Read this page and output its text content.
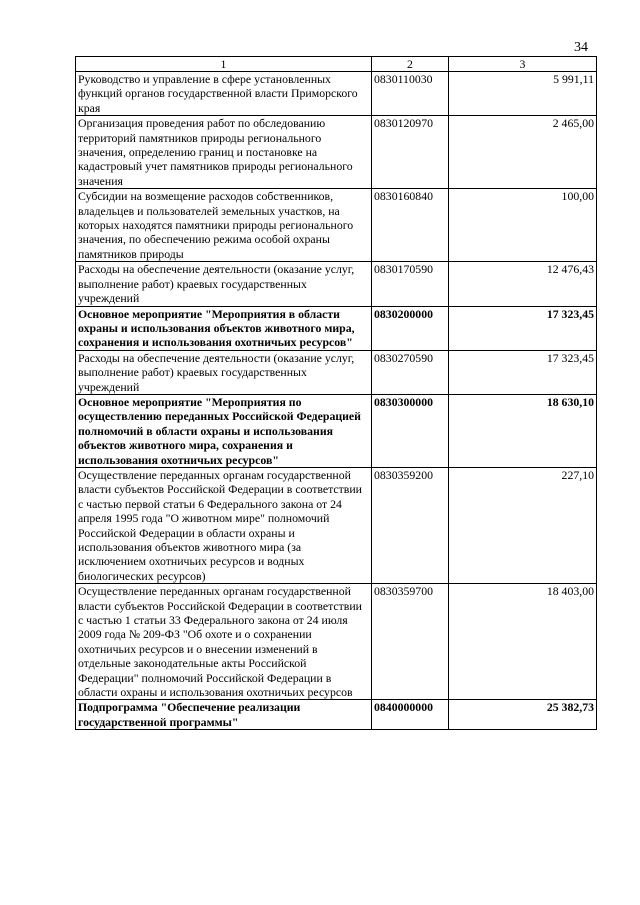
34
1	2	3
Руководство и управление в сфере установленных функций органов государственной власти Приморского края	0830110030	5 991,11
Организация проведения работ по обследованию территорий памятников природы регионального значения, определению границ и постановке на кадастровый учет памятников природы регионального значения	0830120970	2 465,00
Субсидии на возмещение расходов собственников, владельцев и пользователей земельных участков, на которых находятся памятники природы регионального значения, по обеспечению режима особой охраны памятников природы	0830160840	100,00
Расходы на обеспечение деятельности (оказание услуг, выполнение работ) краевых государственных учреждений	0830170590	12 476,43
Основное мероприятие "Мероприятия в области охраны и использования объектов животного мира, сохранения и использования охотничьих ресурсов"	0830200000	17 323,45
Расходы на обеспечение деятельности (оказание услуг, выполнение работ) краевых государственных учреждений	0830270590	17 323,45
Основное мероприятие "Мероприятия по осуществлению переданных Российской Федерацией полномочий в области охраны и использования объектов животного мира, сохранения и использования охотничьих ресурсов"	0830300000	18 630,10
Осуществление переданных органам государственной власти субъектов Российской Федерации в соответствии с частью первой статьи 6 Федерального закона от 24 апреля 1995 года "О животном мире" полномочий Российской Федерации в области охраны и использования объектов животного мира (за исключением охотничьих ресурсов и водных биологических ресурсов)	0830359200	227,10
Осуществление переданных органам государственной власти субъектов Российской Федерации в соответствии с частью 1 статьи 33 Федерального закона от 24 июля 2009 года № 209-ФЗ "Об охоте и о сохранении охотничьих ресурсов и о внесении изменений в отдельные законодательные акты Российской Федерации" полномочий Российской Федерации в области охраны и использования охотничьих ресурсов	0830359700	18 403,00
Подпрограмма "Обеспечение реализации государственной программы"	0840000000	25 382,73
